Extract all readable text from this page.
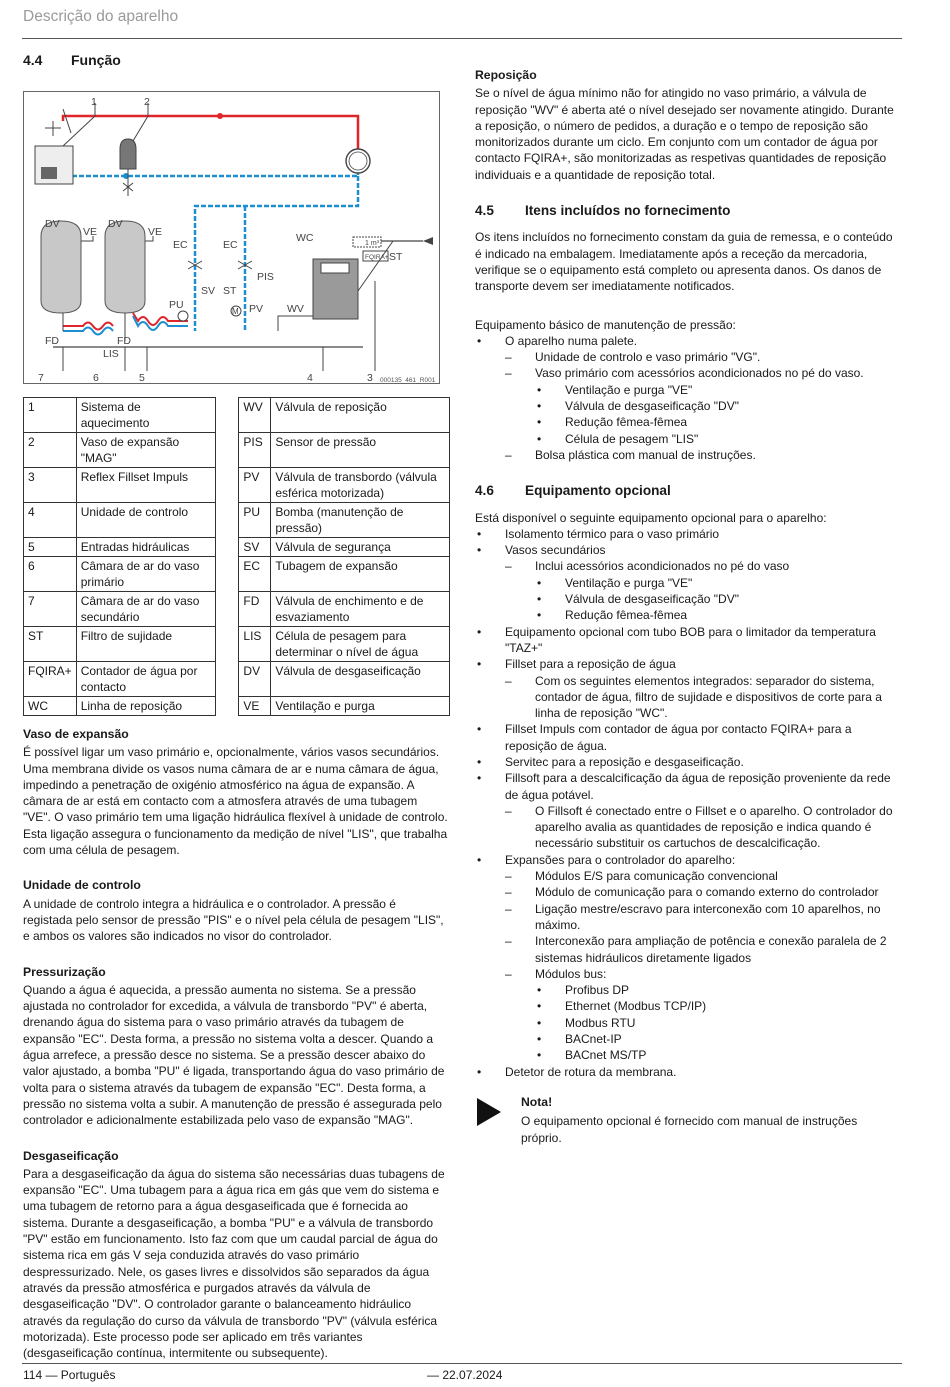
Descrição do aparelho
4.4 Função
1	2
DV
VE
DV
VE
FD	FD
LIS
EC	EC
PU
SV ST
M PV WV
PIS
1 m³
FQIRA+ ST
WC
7	6	5	4	3 000135_461_R001
1	Sistema de aquecimento		WV	Válvula de reposição
2	Vaso de expansão "MAG"		PIS	Sensor de pressão
3	Reflex Fillset Impuls		PV	Válvula de transbordo (válvula esférica motorizada)
4	Unidade de controlo		PU	Bomba (manutenção de pressão)
5	Entradas hidráulicas		SV	Válvula de segurança
6	Câmara de ar do vaso primário		EC	Tubagem de expansão
7	Câmara de ar do vaso secundário		FD	Válvula de enchimento e de esvaziamento
ST	Filtro de sujidade		LIS	Célula de pesagem para determinar o nível de água
FQIRA+	Contador de água por contacto		DV	Válvula de desgaseificação
WC	Linha de reposição		VE	Ventilação e purga
Vaso de expansão

É possível ligar um vaso primário e, opcionalmente, vários vasos secundários. Uma membrana divide os vasos numa câmara de ar e numa câmara de água, impedindo a penetração de oxigénio atmosférico na água de expansão. A câmara de ar está em contacto com a atmosfera através de uma tubagem "VE". O vaso primário tem uma ligação hidráulica flexível à unidade de controlo. Esta ligação assegura o funcionamento da medição de nível "LIS", que trabalha com uma célula de pesagem.

Unidade de controlo

A unidade de controlo integra a hidráulica e o controlador. A pressão é registada pelo sensor de pressão "PIS" e o nível pela célula de pesagem "LIS", e ambos os valores são indicados no visor do controlador.

Pressurização

Quando a água é aquecida, a pressão aumenta no sistema. Se a pressão ajustada no controlador for excedida, a válvula de transbordo "PV" é aberta, drenando água do sistema para o vaso primário através da tubagem de expansão "EC". Desta forma, a pressão no sistema volta a descer. Quando a água arrefece, a pressão desce no sistema. Se a pressão descer abaixo do valor ajustado, a bomba "PU" é ligada, transportando água do vaso primário de volta para o sistema através da tubagem de expansão "EC". Desta forma, a pressão no sistema volta a subir. A manutenção de pressão é assegurada pelo controlador e adicionalmente estabilizada pelo vaso de expansão "MAG".

Desgaseificação

Para a desgaseificação da água do sistema são necessárias duas tubagens de expansão "EC". Uma tubagem para a água rica em gás que vem do sistema e uma tubagem de retorno para a água desgaseificada que é fornecida ao sistema. Durante a desgaseificação, a bomba "PU" e a válvula de transbordo "PV" estão em funcionamento. Isto faz com que um caudal parcial de água do sistema rica em gás V seja conduzida através do vaso primário despressurizado. Nele, os gases livres e dissolvidos são separados da água através da pressão atmosférica e purgados através da válvula de desgaseificação "DV". O controlador garante o balanceamento hidráulico através da regulação do curso da válvula de transbordo "PV" (válvula esférica motorizada). Este processo pode ser aplicado em três variantes (desgaseificação contínua, intermitente ou subsequente).

Reposição

Se o nível de água mínimo não for atingido no vaso primário, a válvula de reposição "WV" é aberta até o nível desejado ser novamente atingido. Durante a reposição, o número de pedidos, a duração e o tempo de reposição são monitorizados durante um ciclo. Em conjunto com um contador de água por contacto FQIRA+, são monitorizadas as respetivas quantidades de reposição individuais e a quantidade de reposição total.

4.5 Itens incluídos no fornecimento

Os itens incluídos no fornecimento constam da guia de remessa, e o conteúdo é indicado na embalagem. Imediatamente após a receção da mercadoria, verifique se o equipamento está completo ou apresenta danos. Os danos de transporte devem ser imediatamente notificados.

Equipamento básico de manutenção de pressão:

• O aparelho numa palete.
– Unidade de controlo e vaso primário "VG".
– Vaso primário com acessórios acondicionados no pé do vaso.
• Ventilação e purga "VE"
• Válvula de desgaseificação "DV"
• Redução fêmea-fêmea
• Célula de pesagem "LIS"
– Bolsa plástica com manual de instruções.
4.6 Equipamento opcional

Está disponível o seguinte equipamento opcional para o aparelho:

• Isolamento térmico para o vaso primário
• Vasos secundários
– Inclui acessórios acondicionados no pé do vaso
• Ventilação e purga "VE"
• Válvula de desgaseificação "DV"
• Redução fêmea-fêmea
• Equipamento opcional com tubo BOB para o limitador da temperatura "TAZ+"
• Fillset para a reposição de água
– Com os seguintes elementos integrados: separador do sistema, contador de água, filtro de sujidade e dispositivos de corte para a linha de reposição "WC".
• Fillset Impuls com contador de água por contacto FQIRA+ para a reposição de água.
• Servitec para a reposição e desgaseificação.
• Fillsoft para a descalcificação da água de reposição proveniente da rede de água potável.
– O Fillsoft é conectado entre o Fillset e o aparelho. O controlador do aparelho avalia as quantidades de reposição e indica quando é necessário substituir os cartuchos de descalcificação.
• Expansões para o controlador do aparelho:
– Módulos E/S para comunicação convencional
– Módulo de comunicação para o comando externo do controlador
– Ligação mestre/escravo para interconexão com 10 aparelhos, no máximo.
– Interconexão para ampliação de potência e conexão paralela de 2 sistemas hidráulicos diretamente ligados
– Módulos bus:
• Profibus DP
• Ethernet (Modbus TCP/IP)
• Modbus RTU
• BACnet-IP
• BACnet MS/TP
• Detetor de rotura da membrana.
Nota!

O equipamento opcional é fornecido com manual de instruções próprio.

114 — Português	— 22.07.2024
